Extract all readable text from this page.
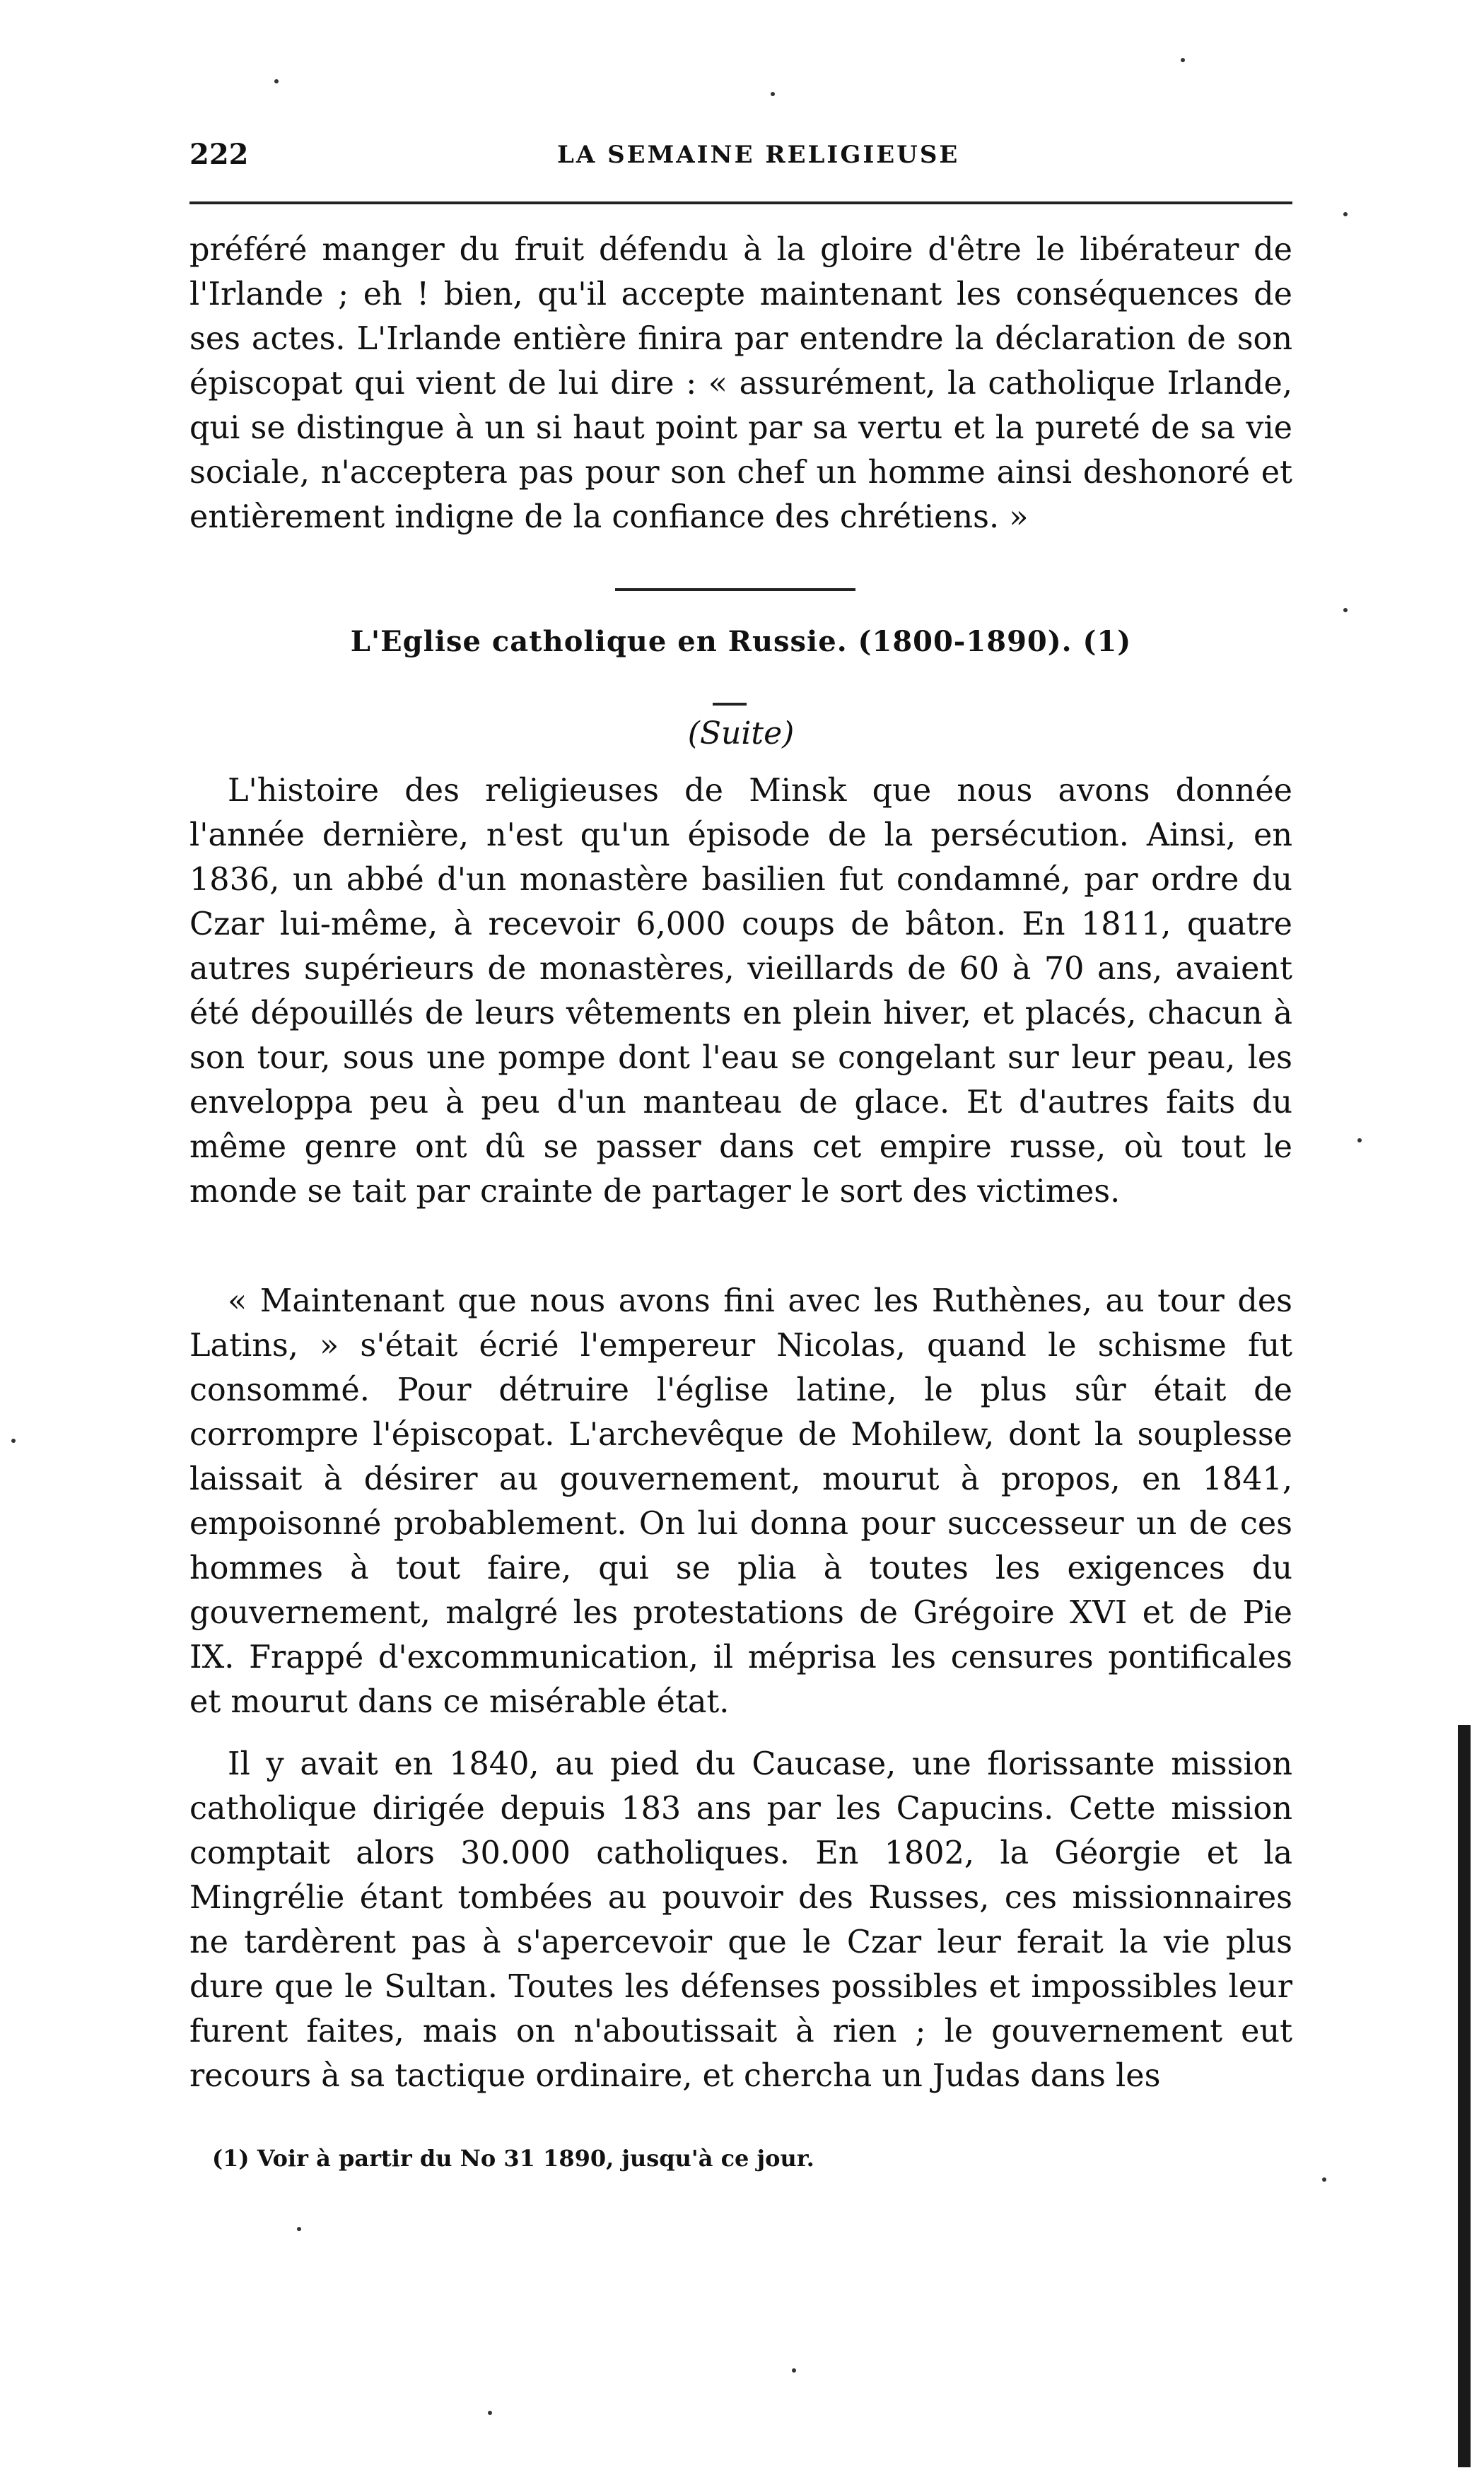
222	LA SEMAINE RELIGIEUSE

préféré manger du fruit défendu à la gloire d'être le libérateur de l'Irlande ; eh ! bien, qu'il accepte maintenant les conséquences de ses actes. L'Irlande entière finira par entendre la déclaration de son épiscopat qui vient de lui dire : « assurément, la catholique Irlande, qui se distingue à un si haut point par sa vertu et la pureté de sa vie sociale, n'acceptera pas pour son chef un homme ainsi deshonoré et entièrement indigne de la confiance des chrétiens. »

L'Eglise catholique en Russie. (1800-1890). (1)
(Suite)

L'histoire des religieuses de Minsk que nous avons donnée l'année dernière, n'est qu'un épisode de la persécution. Ainsi, en 1836, un abbé d'un monastère basilien fut condamné, par ordre du Czar lui-même, à recevoir 6,000 coups de bâton. En 1811, quatre autres supérieurs de monastères, vieillards de 60 à 70 ans, avaient été dépouillés de leurs vêtements en plein hiver, et placés, chacun à son tour, sous une pompe dont l'eau se congelant sur leur peau, les enveloppa peu à peu d'un manteau de glace. Et d'autres faits du même genre ont dû se passer dans cet empire russe, où tout le monde se tait par crainte de partager le sort des victimes.

« Maintenant que nous avons fini avec les Ruthènes, au tour des Latins, » s'était écrié l'empereur Nicolas, quand le schisme fut consommé. Pour détruire l'église latine, le plus sûr était de corrompre l'épiscopat. L'archevêque de Mohilew, dont la souplesse laissait à désirer au gouvernement, mourut à propos, en 1841, empoisonné probablement. On lui donna pour successeur un de ces hommes à tout faire, qui se plia à toutes les exigences du gouvernement, malgré les protestations de Grégoire XVI et de Pie IX. Frappé d'excommunication, il méprisa les censures pontificales et mourut dans ce misérable état.

Il y avait en 1840, au pied du Caucase, une florissante mission catholique dirigée depuis 183 ans par les Capucins. Cette mission comptait alors 30.000 catholiques. En 1802, la Géorgie et la Mingrélie étant tombées au pouvoir des Russes, ces missionnaires ne tardèrent pas à s'apercevoir que le Czar leur ferait la vie plus dure que le Sultan. Toutes les défenses possibles et impossibles leur furent faites, mais on n'aboutissait à rien ; le gouvernement eut recours à sa tactique ordinaire, et chercha un Judas dans les

(1) Voir à partir du No 31 1890, jusqu'à ce jour.
